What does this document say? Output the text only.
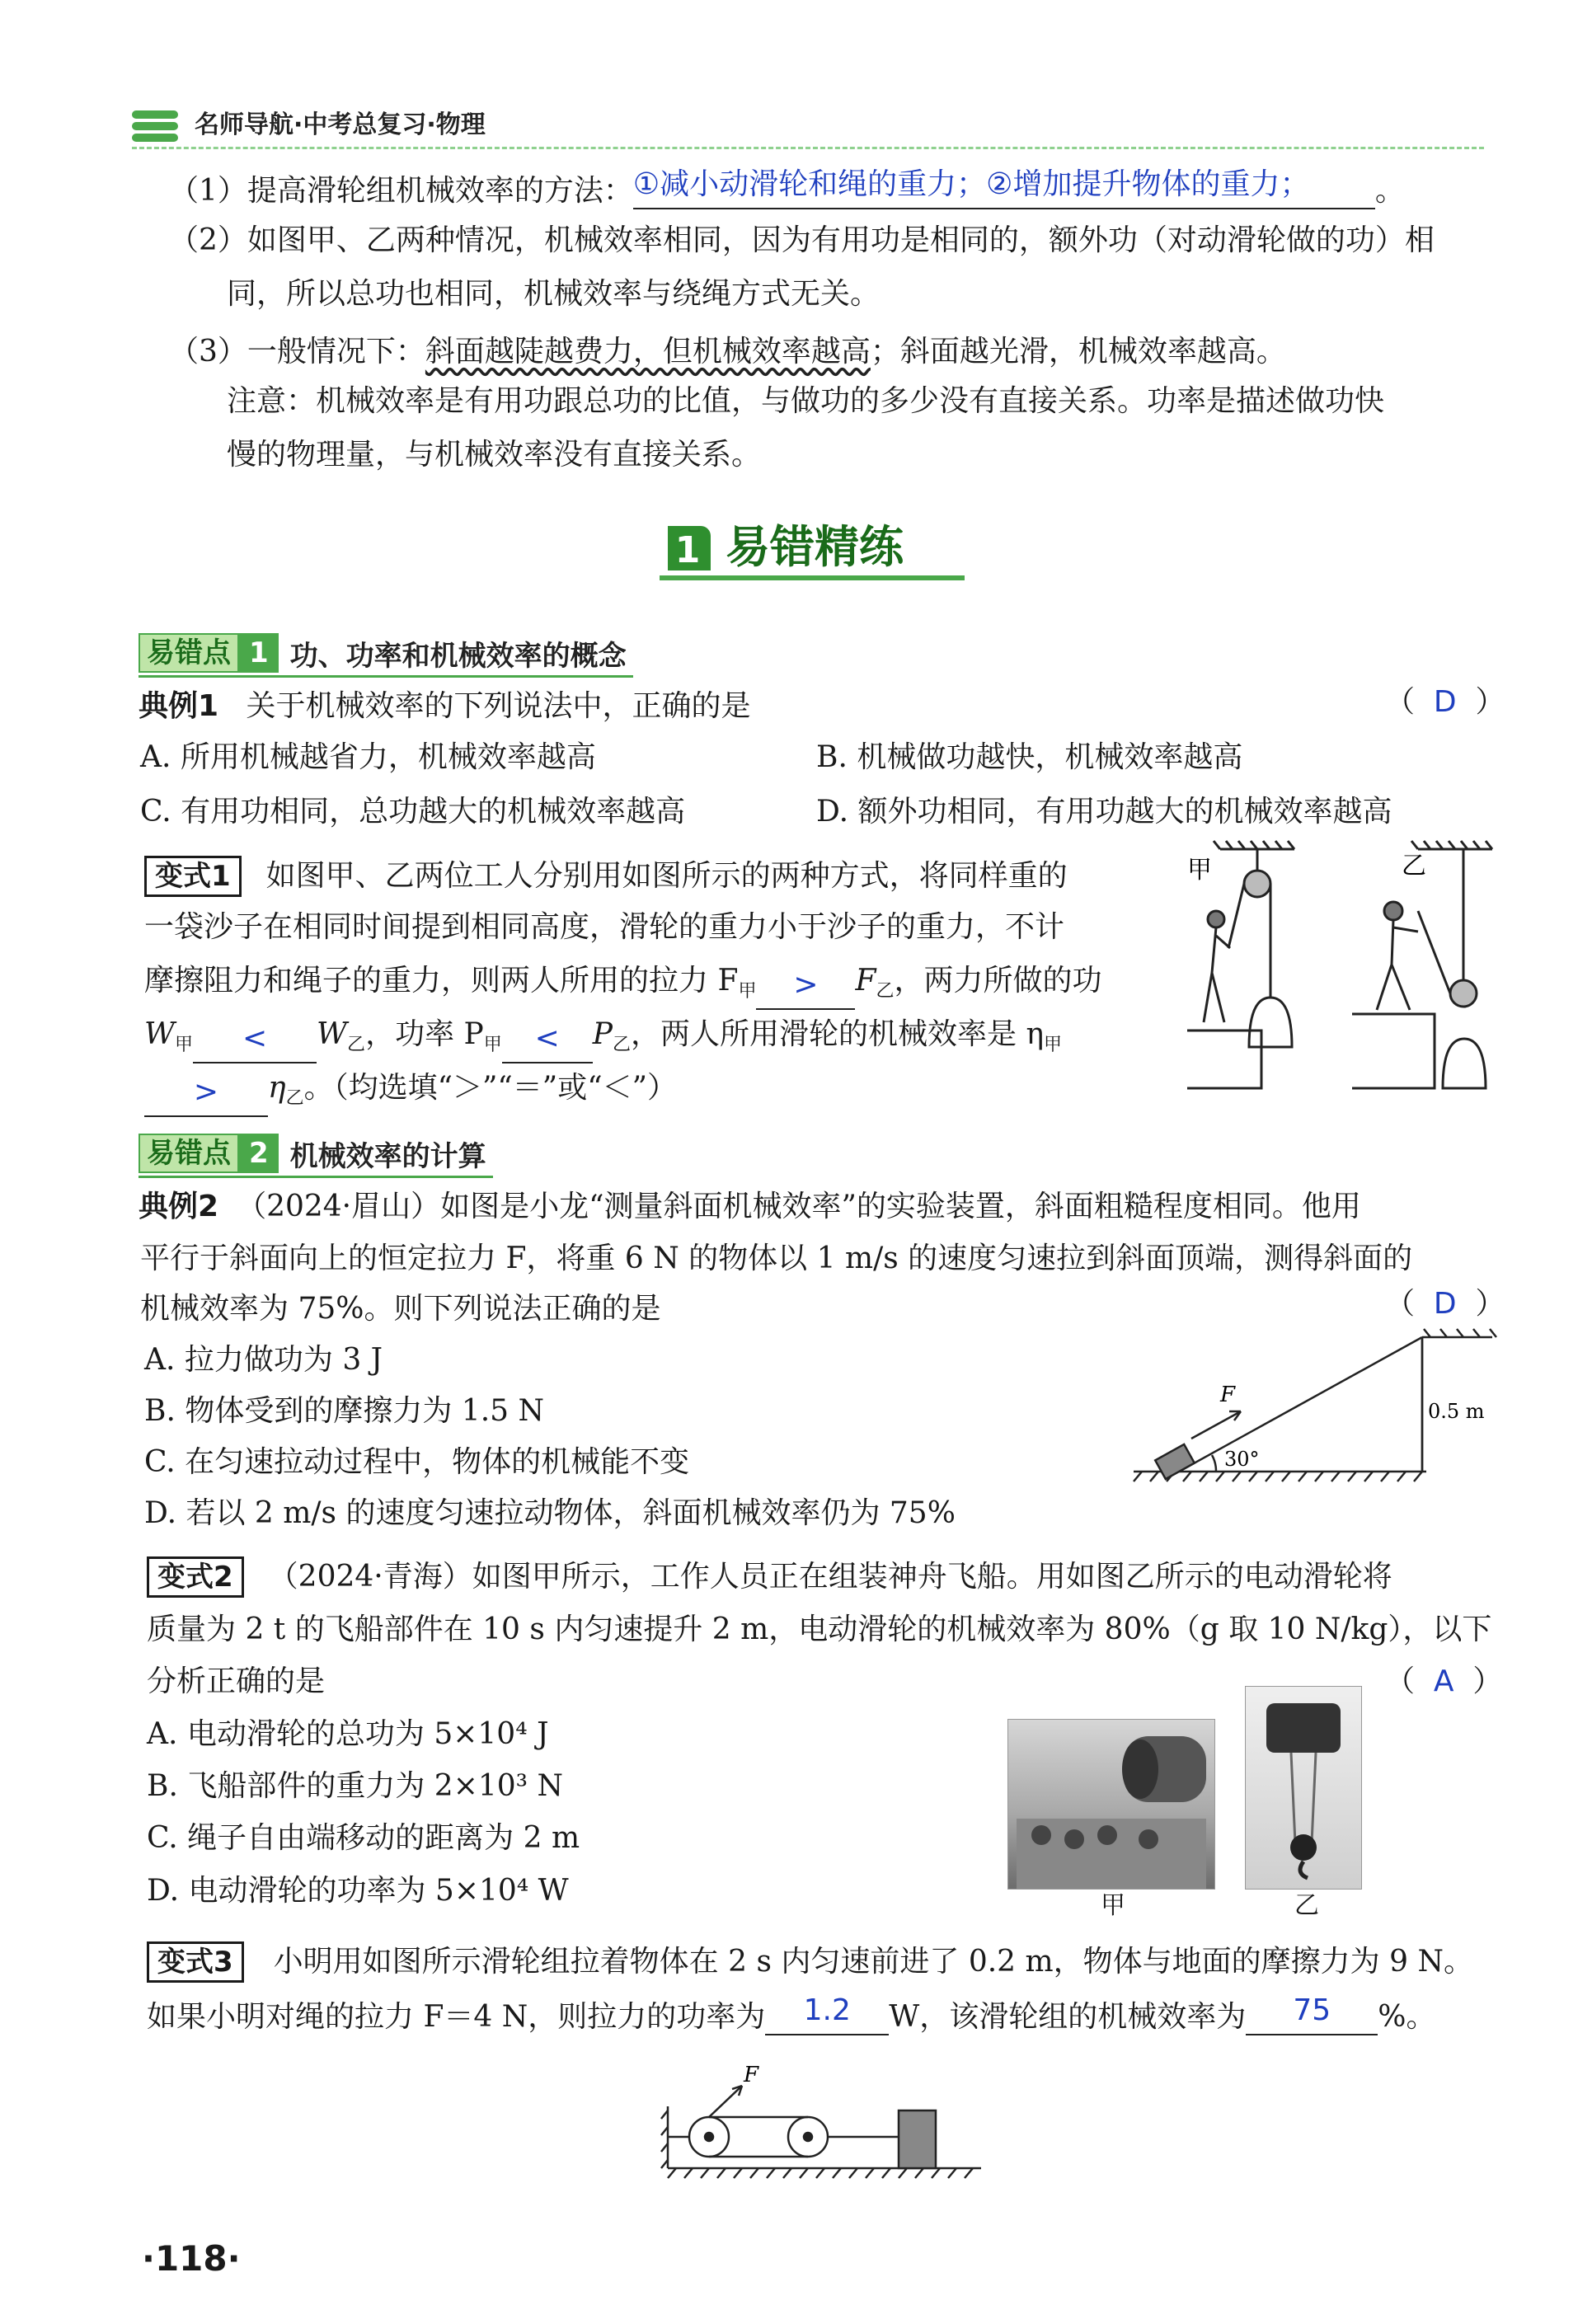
名师导航·中考总复习·物理
（1）提高滑轮组机械效率的方法：①减小动滑轮和绳的重力；②增加提升物体的重力； 。
（2）如图甲、乙两种情况，机械效率相同，因为有用功是相同的，额外功（对动滑轮做的功）相
同，所以总功也相同，机械效率与绕绳方式无关。
（3）一般情况下：斜面越陡越费力，但机械效率越高；斜面越光滑，机械效率越高。
注意：机械效率是有用功跟总功的比值，与做功的多少没有直接关系。功率是描述做功快
慢的物理量，与机械效率没有直接关系。
1 易错精练
易错点 1 功、功率和机械效率的概念
典例1 关于机械效率的下列说法中，正确的是	（  D  ）
A. 所用机械越省力，机械效率越高	B. 机械做功越快，机械效率越高
C. 有用功相同，总功越大的机械效率越高	D. 额外功相同，有用功越大的机械效率越高
变式1 如图甲、乙两位工人分别用如图所示的两种方式，将同样重的
一袋沙子在相同时间提到相同高度，滑轮的重力小于沙子的重力，不计
摩擦阻力和绳子的重力，则两人所用的拉力 $F_甲 > F_乙$，两力所做的功
$W_甲 < W_乙$，功率 $P_甲 < P_乙$，两人所用滑轮的机械效率是 $\eta_甲$
> $\eta_乙$。（均选填“＞”“＝”或“＜”）
甲	乙
易错点 2 机械效率的计算
典例2 （2024·眉山）如图是小龙“测量斜面机械效率”的实验装置，斜面粗糙程度相同。他用
平行于斜面向上的恒定拉力 F，将重 6 N 的物体以 1 m/s 的速度匀速拉到斜面顶端，测得斜面的
机械效率为 75%。则下列说法正确的是	（  D  ）
A. 拉力做功为 3 J
B. 物体受到的摩擦力为 1.5 N
C. 在匀速拉动过程中，物体的机械能不变
D. 若以 2 m/s 的速度匀速拉动物体，斜面机械效率仍为 75%
F
0.5 m
30°
变式2 （2024·青海）如图甲所示，工作人员正在组装神舟飞船。用如图乙所示的电动滑轮将
质量为 2 t 的飞船部件在 10 s 内匀速提升 2 m，电动滑轮的机械效率为 80%（g 取 10 N/kg），以下
分析正确的是	（  A  ）
A. 电动滑轮的总功为 5×10⁴ J
B. 飞船部件的重力为 2×10³ N
C. 绳子自由端移动的距离为 2 m
D. 电动滑轮的功率为 5×10⁴ W	甲	乙
变式3 小明用如图所示滑轮组拉着物体在 2 s 内匀速前进了 0.2 m，物体与地面的摩擦力为 9 N。
如果小明对绳的拉力 F＝4 N，则拉力的功率为 1.2 W，该滑轮组的机械效率为 75 %。
F
·118·
